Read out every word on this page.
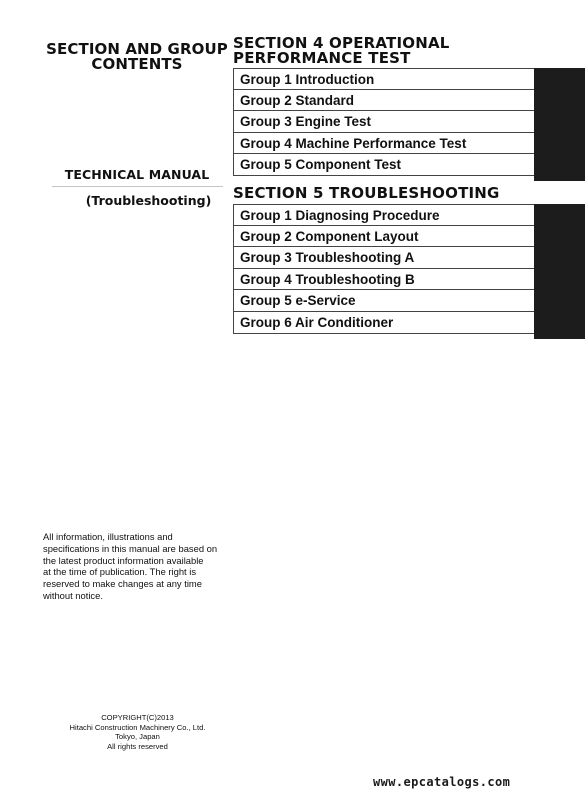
SECTION AND GROUP
CONTENTS
TECHNICAL MANUAL
(Troubleshooting)
SECTION 4 OPERATIONAL
PERFORMANCE TEST
Group 1 Introduction
Group 2 Standard
Group 3 Engine Test
Group 4 Machine Performance Test
Group 5 Component Test
SECTION 5 TROUBLESHOOTING
Group 1 Diagnosing Procedure
Group 2 Component Layout
Group 3 Troubleshooting A
Group 4 Troubleshooting B
Group 5 e-Service
Group 6 Air Conditioner
All information, illustrations and
specifications in this manual are based on
the latest product information available
at the time of publication. The right is
reserved to make changes at any time
without notice.
COPYRIGHT(C)2013
Hitachi Construction Machinery Co., Ltd.
Tokyo, Japan
All rights reserved
www.epcatalogs.com
